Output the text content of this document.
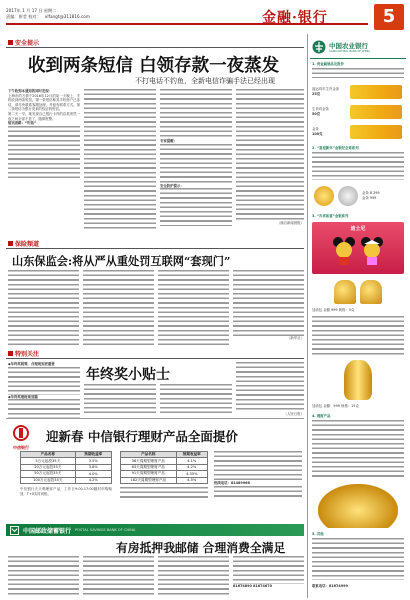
2017年 1 月 17 日 星期二
责编：崔莹 校对： xlfangt@311816.com	金融·银行	5
安全提示
收到两条短信 白领存款一夜蒸发
不打电话不钓鱼，全新电信诈骗手法已经出现
下午收到本通知的同时发现：
上海市的万倩于2016年12月的某一天晚上，手机收到两条短信。第一条短信称其手机账户已冻结，请尽快联系客服处理，并留有联系方式。第二条短信为银行发来的验证码短信。
第二天一早，她发现自己银行卡内的存款竟然一夜之间全部不见了，随即报警。
短讯套路：“钓鱼”
专家提醒：
安全防护提示：
（摘自新闻晨报）
保险频道
山东保监会:将从严从重处罚互联网“套现门”
（新华社）
特别关注
◆年终奖税筹，合理规划更重要
◆年终奖理财规划篇
年终奖小贴士
（人民日报）
中信银行
迎新春 中信银行理财产品全面提价
产品名称	预期收益率
5万元起投35天	3.5%
20万元起投35天	3.8%
50万元起投35天	4.0%
100万元起投35天	4.2%
中信银行天天利理财产品，工作日9:00-17:00随时申购赎回，T+0实时到账。
产品名称	预期收益率
36天周期型理财产品	4.1%
63天周期型理财产品	4.2%
91天周期型理财产品	4.35%
182天周期型理财产品	4.5%
热线电话：81489966
中国邮政储蓄银行 POSTAL SAVINGS BANK OF CHINA
有房抵押我邮储 合理消费全满足
81674890 81674670
中国农业银行
AGRICULTURAL BANK OF CHINA
1. 贵金属展品及报价
福运鸡年生肖金条
25克
生肖鸡金条
50克
金条
100克
2. “喜迎新年”金银纪念章系列
金条 8 299
金条 999
3. “吉祥如意”金银系列
迪士尼
加油包 金额 999 规格：5克
加油包 金额：999 规格：15克
4. 理财产品
5. 其他
联系电话：81674999
